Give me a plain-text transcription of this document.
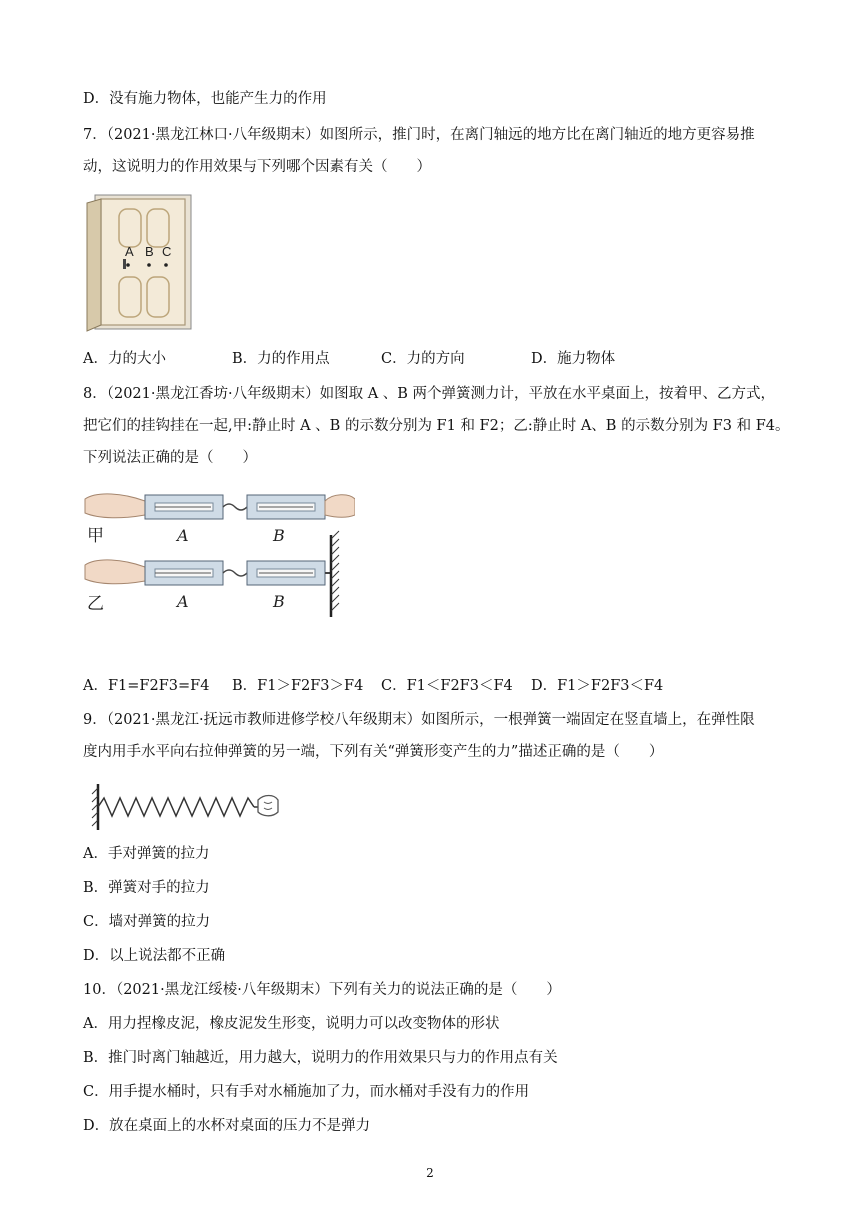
D．没有施力物体，也能产生力的作用
7．（2021·黑龙江林口·八年级期末）如图所示，推门时，在离门轴远的地方比在离门轴近的地方更容易推
动，这说明力的作用效果与下列哪个因素有关（　　）
A B C
A．力的大小	B．力的作用点	C．力的方向	D．施力物体
8．（2021·黑龙江香坊·八年级期末）如图取 A 、B 两个弹簧测力计，平放在水平桌面上，按着甲、乙方式，
把它们的挂钩挂在一起,甲:静止时 A 、B 的示数分别为 F1 和 F2；乙:静止时 A、B 的示数分别为 F3 和 F4。
下列说法正确的是（　　）
甲	A	B
乙	A	B
A．F1=F2F3=F4 B．F1＞F2F3＞F4 C．F1＜F2F3＜F4 D．F1＞F2F3＜F4
9．（2021·黑龙江·抚远市教师进修学校八年级期末）如图所示，一根弹簧一端固定在竖直墙上，在弹性限
度内用手水平向右拉伸弹簧的另一端，下列有关“弹簧形变产生的力”描述正确的是（　　）
A．手对弹簧的拉力
B．弹簧对手的拉力
C．墙对弹簧的拉力
D．以上说法都不正确
10．（2021·黑龙江绥棱·八年级期末）下列有关力的说法正确的是（　　）
A．用力捏橡皮泥，橡皮泥发生形变，说明力可以改变物体的形状
B．推门时离门轴越近，用力越大，说明力的作用效果只与力的作用点有关
C．用手提水桶时，只有手对水桶施加了力，而水桶对手没有力的作用
D．放在桌面上的水杯对桌面的压力不是弹力
2
